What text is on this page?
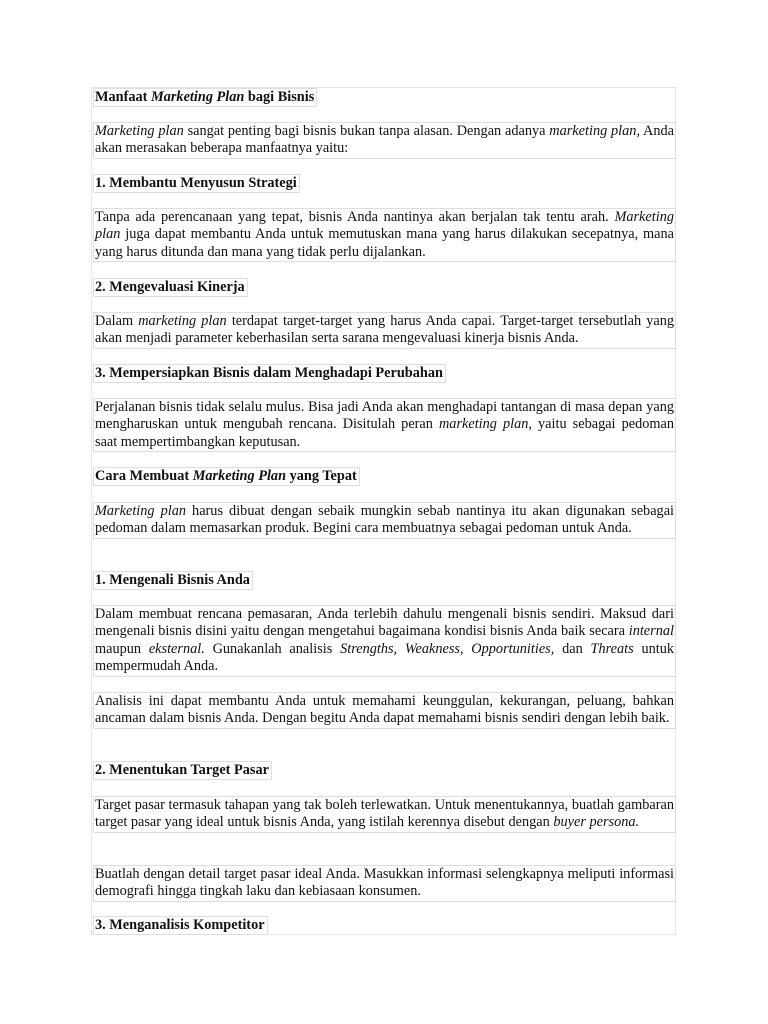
Manfaat Marketing Plan bagi Bisnis

Marketing plan sangat penting bagi bisnis bukan tanpa alasan. Dengan adanya marketing plan, Anda akan merasakan beberapa manfaatnya yaitu:

1. Membantu Menyusun Strategi

Tanpa ada perencanaan yang tepat, bisnis Anda nantinya akan berjalan tak tentu arah. Marketing plan juga dapat membantu Anda untuk memutuskan mana yang harus dilakukan secepatnya, mana yang harus ditunda dan mana yang tidak perlu dijalankan.

2. Mengevaluasi Kinerja

Dalam marketing plan terdapat target-target yang harus Anda capai. Target-target tersebutlah yang akan menjadi parameter keberhasilan serta sarana mengevaluasi kinerja bisnis Anda.

3. Mempersiapkan Bisnis dalam Menghadapi Perubahan

Perjalanan bisnis tidak selalu mulus. Bisa jadi Anda akan menghadapi tantangan di masa depan yang mengharuskan untuk mengubah rencana. Disitulah peran marketing plan, yaitu sebagai pedoman saat mempertimbangkan keputusan.

Cara Membuat Marketing Plan yang Tepat

Marketing plan harus dibuat dengan sebaik mungkin sebab nantinya itu akan digunakan sebagai pedoman dalam memasarkan produk. Begini cara membuatnya sebagai pedoman untuk Anda.

1. Mengenali Bisnis Anda

Dalam membuat rencana pemasaran, Anda terlebih dahulu mengenali bisnis sendiri. Maksud dari mengenali bisnis disini yaitu dengan mengetahui bagaimana kondisi bisnis Anda baik secara internal maupun eksternal. Gunakanlah analisis Strengths, Weakness, Opportunities, dan Threats untuk mempermudah Anda.

Analisis ini dapat membantu Anda untuk memahami keunggulan, kekurangan, peluang, bahkan ancaman dalam bisnis Anda. Dengan begitu Anda dapat memahami bisnis sendiri dengan lebih baik.

2. Menentukan Target Pasar

Target pasar termasuk tahapan yang tak boleh terlewatkan. Untuk menentukannya, buatlah gambaran target pasar yang ideal untuk bisnis Anda, yang istilah kerennya disebut dengan buyer persona.

Buatlah dengan detail target pasar ideal Anda. Masukkan informasi selengkapnya meliputi informasi demografi hingga tingkah laku dan kebiasaan konsumen.

3. Menganalisis Kompetitor
